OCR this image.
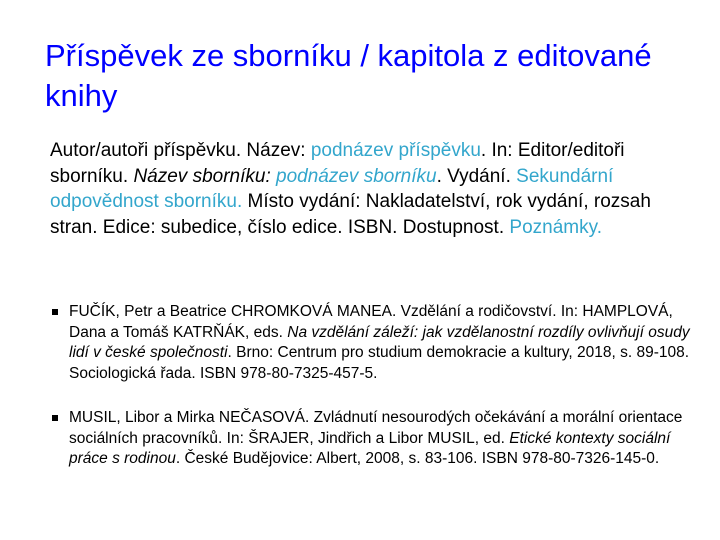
Příspěvek ze sborníku / kapitola z editované knihy

Autor/autoři příspěvku. Název: podnázev příspěvku. In: Editor/editoři sborníku. Název sborníku: podnázev sborníku. Vydání. Sekundární odpovědnost sborníku. Místo vydání: Nakladatelství, rok vydání, rozsah stran. Edice: subedice, číslo edice. ISBN. Dostupnost. Poznámky.

FUČÍK, Petr a Beatrice CHROMKOVÁ MANEA. Vzdělání a rodičovství. In: HAMPLOVÁ, Dana a Tomáš KATRŇÁK, eds. Na vzdělání záleží: jak vzdělanostní rozdíly ovlivňují osudy lidí v české společnosti. Brno: Centrum pro studium demokracie a kultury, 2018, s. 89-108. Sociologická řada. ISBN 978-80-7325-457-5.
MUSIL, Libor a Mirka NEČASOVÁ. Zvládnutí nesourodých očekávání a morální orientace sociálních pracovníků. In: ŠRAJER, Jindřich a Libor MUSIL, ed. Etické kontexty sociální práce s rodinou. České Budějovice: Albert, 2008, s. 83-106. ISBN 978-80-7326-145-0.
